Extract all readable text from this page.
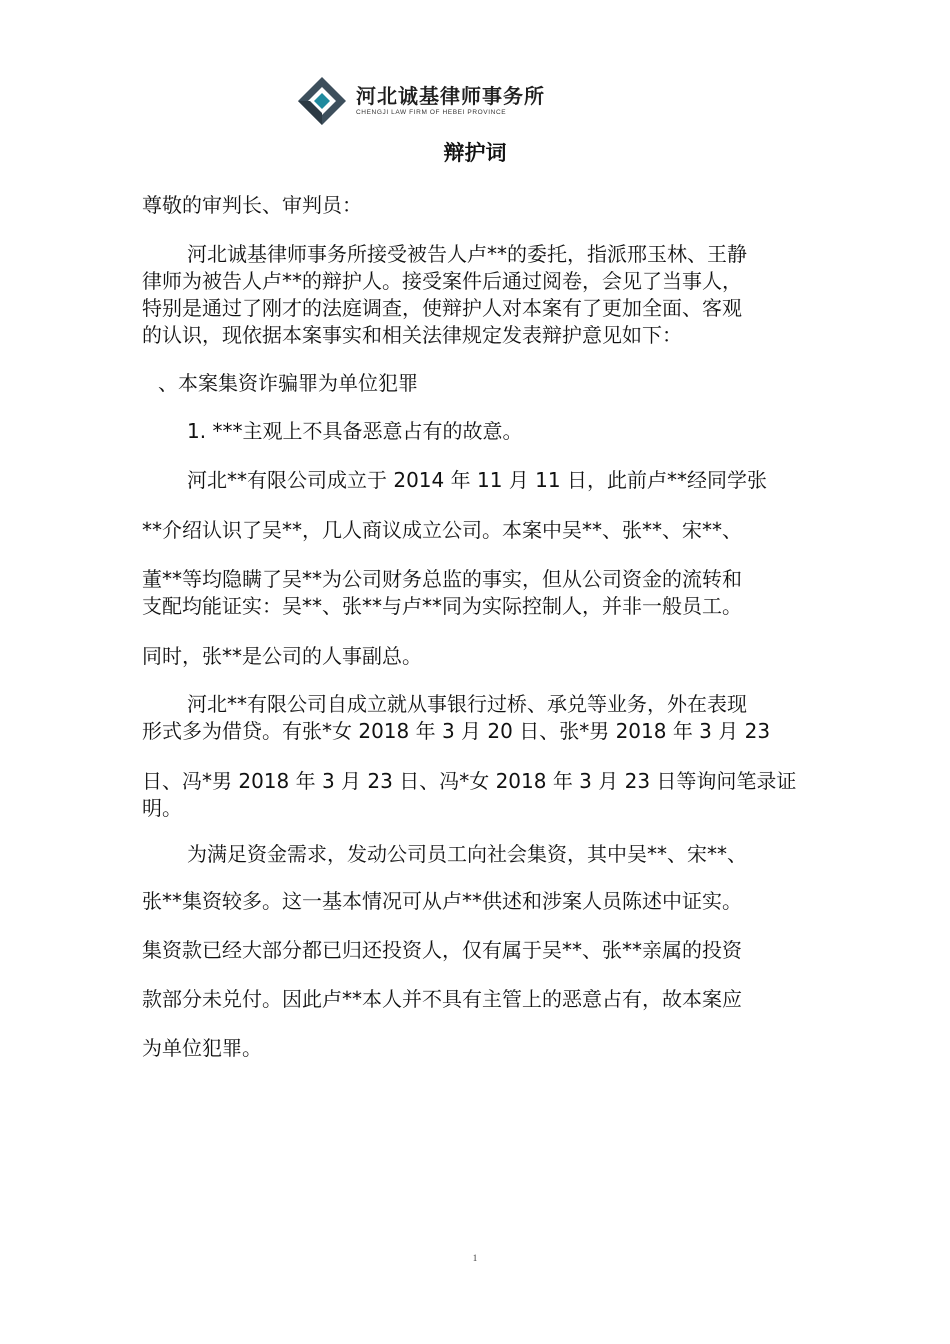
河北诚基律师事务所
CHENGJI LAW FIRM OF HEBEI PROVINCE
辩护词

尊敬的审判长、审判员：

河北诚基律师事务所接受被告人卢**的委托，指派邢玉林、王静

律师为被告人卢**的辩护人。接受案件后通过阅卷，会见了当事人，

特别是通过了刚才的法庭调查，使辩护人对本案有了更加全面、客观

的认识，现依据本案事实和相关法律规定发表辩护意见如下：

、本案集资诈骗罪为单位犯罪

1. ***主观上不具备恶意占有的故意。

河北**有限公司成立于 2014 年 11 月 11 日，此前卢**经同学张

**介绍认识了吴**，几人商议成立公司。本案中吴**、张**、宋**、

董**等均隐瞒了吴**为公司财务总监的事实，但从公司资金的流转和

支配均能证实：吴**、张**与卢**同为实际控制人，并非一般员工。

同时，张**是公司的人事副总。

河北**有限公司自成立就从事银行过桥、承兑等业务，外在表现

形式多为借贷。有张*女 2018 年 3 月 20 日、张*男 2018 年 3 月 23

日、冯*男 2018 年 3 月 23 日、冯*女 2018 年 3 月 23 日等询问笔录证

明。

为满足资金需求，发动公司员工向社会集资，其中吴**、宋**、

张**集资较多。这一基本情况可从卢**供述和涉案人员陈述中证实。

集资款已经大部分都已归还投资人，仅有属于吴**、张**亲属的投资

款部分未兑付。因此卢**本人并不具有主管上的恶意占有，故本案应

为单位犯罪。

1
